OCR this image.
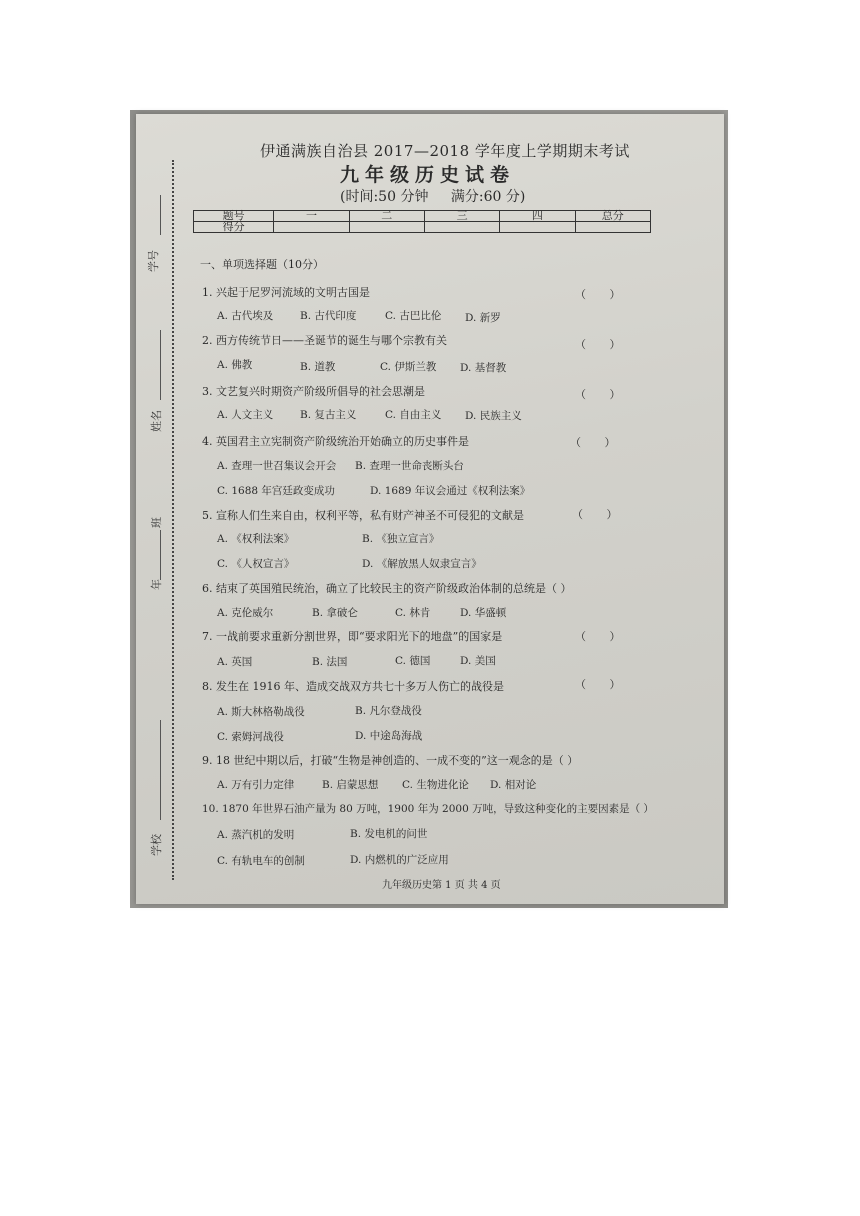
学号
姓名
班
年
学校
伊通满族自治县 2017—2018 学年度上学期期末考试
九年级历史试卷
(时间:50 分钟 满分:60 分)
题号	一	二	三	四	总分
得分					
一、单项选择题（10分）
1. 兴起于尼罗河流域的文明古国是	（ ）
A. 古代埃及	B. 古代印度	C. 古巴比伦 D. 新罗
2. 西方传统节日——圣诞节的诞生与哪个宗教有关	（ ）
A. 佛教	B. 道教	C. 伊斯兰教 D. 基督教
3. 文艺复兴时期资产阶级所倡导的社会思潮是	（ ）
A. 人文主义	B. 复古主义	C. 自由主义 D. 民族主义
4. 英国君主立宪制资产阶级统治开始确立的历史事件是	（ ）
A. 查理一世召集议会开会 B. 查理一世命丧断头台
C. 1688 年宫廷政变成功	D. 1689 年议会通过《权利法案》
5. 宣称人们生来自由，权利平等，私有财产神圣不可侵犯的文献是	（ ）
A. 《权利法案》	B. 《独立宣言》
C. 《人权宣言》	D. 《解放黑人奴隶宣言》
6. 结束了英国殖民统治，确立了比较民主的资产阶级政治体制的总统是（ ）
A. 克伦威尔	B. 拿破仑	C. 林肯	D. 华盛顿
7. 一战前要求重新分割世界，即“要求阳光下的地盘”的国家是	（ ）
A. 英国	B. 法国	C. 德国	D. 美国
8. 发生在 1916 年、造成交战双方共七十多万人伤亡的战役是	（ ）
A. 斯大林格勒战役	B. 凡尔登战役
C. 索姆河战役	D. 中途岛海战
9. 18 世纪中期以后，打破“生物是神创造的、一成不变的”这一观念的是（ ）
A. 万有引力定律	B. 启蒙思想 C. 生物进化论 D. 相对论
10. 1870 年世界石油产量为 80 万吨，1900 年为 2000 万吨，导致这种变化的主要因素是（ ）
A. 蒸汽机的发明	B. 发电机的问世
C. 有轨电车的创制	D. 内燃机的广泛应用
九年级历史第 1 页 共 4 页
